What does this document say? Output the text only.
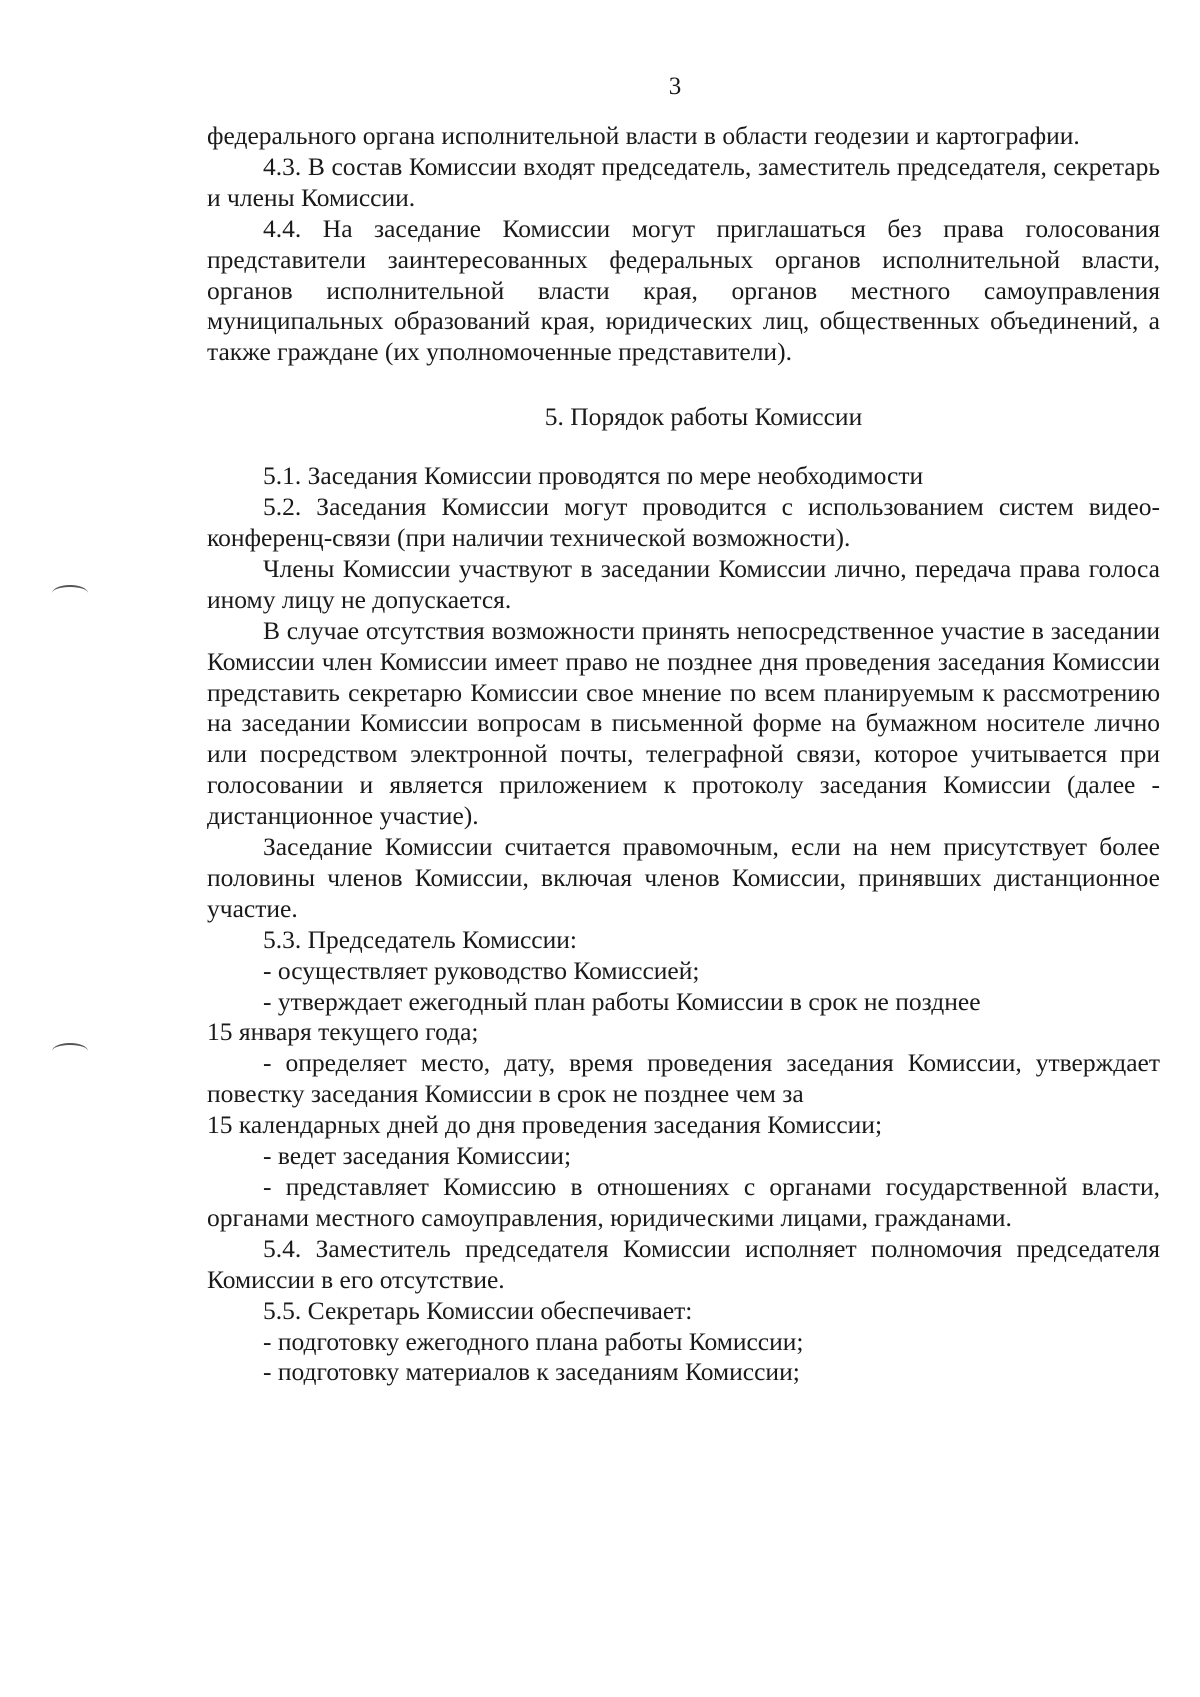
3

федерального органа исполнительной власти в области геодезии и картографии.

4.3. В состав Комиссии входят председатель, заместитель председателя, секретарь и члены Комиссии.

4.4. На заседание Комиссии могут приглашаться без права голосования представители заинтересованных федеральных органов исполнительной власти, органов исполнительной власти края, органов местного самоуправления муниципальных образований края, юридических лиц, общественных объединений, а также граждане (их уполномоченные представители).

5. Порядок работы Комиссии

5.1. Заседания Комиссии проводятся по мере необходимости

5.2. Заседания Комиссии могут проводится с использованием систем видео-конференц-связи (при наличии технической возможности).

Члены Комиссии участвуют в заседании Комиссии лично, передача права голоса иному лицу не допускается.

В случае отсутствия возможности принять непосредственное участие в заседании Комиссии член Комиссии имеет право не позднее дня проведения заседания Комиссии представить секретарю Комиссии свое мнение по всем планируемым к рассмотрению на заседании Комиссии вопросам в письменной форме на бумажном носителе лично или посредством электронной почты, телеграфной связи, которое учитывается при голосовании и является приложением к протоколу заседания Комиссии (далее - дистанционное участие).

Заседание Комиссии считается правомочным, если на нем присутствует более половины членов Комиссии, включая членов Комиссии, принявших дистанционное участие.

5.3. Председатель Комиссии:

- осуществляет руководство Комиссией;

- утверждает ежегодный план работы Комиссии в срок не позднее

15 января текущего года;

- определяет место, дату, время проведения заседания Комиссии, утверждает повестку заседания Комиссии в срок не позднее чем за

15 календарных дней до дня проведения заседания Комиссии;

- ведет заседания Комиссии;

- представляет Комиссию в отношениях с органами государственной власти, органами местного самоуправления, юридическими лицами, гражданами.

5.4. Заместитель председателя Комиссии исполняет полномочия председателя Комиссии в его отсутствие.

5.5. Секретарь Комиссии обеспечивает:

- подготовку ежегодного плана работы Комиссии;

- подготовку материалов к заседаниям Комиссии;
